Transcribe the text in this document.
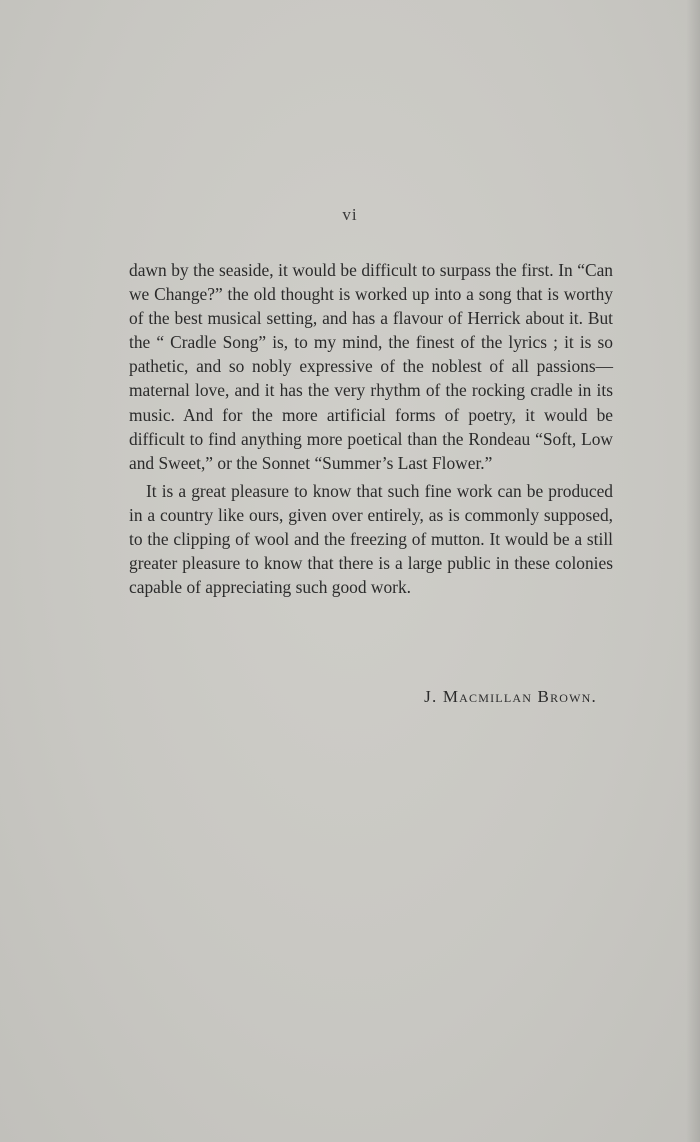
vi

dawn by the seaside, it would be difficult to surpass the first. In “Can we Change?” the old thought is worked up into a song that is worthy of the best musical setting, and has a flavour of Herrick about it. But the “ Cradle Song” is, to my mind, the finest of the lyrics ; it is so pathetic, and so nobly expressive of the noblest of all passions—maternal love, and it has the very rhythm of the rocking cradle in its music. And for the more artificial forms of poetry, it would be difficult to find anything more poetical than the Rondeau “Soft, Low and Sweet,” or the Sonnet “Summer’s Last Flower.”

It is a great pleasure to know that such fine work can be produced in a country like ours, given over entirely, as is commonly supposed, to the clipping of wool and the freezing of mutton. It would be a still greater pleasure to know that there is a large public in these colonies capable of appreciating such good work.

J. Macmillan Brown.
